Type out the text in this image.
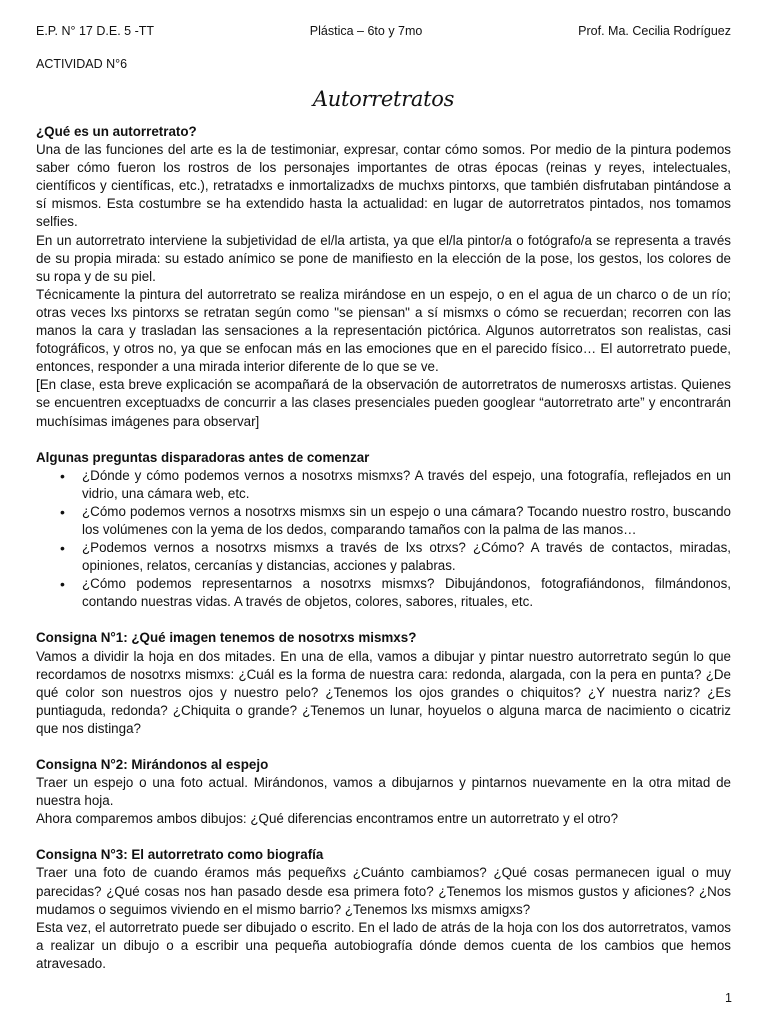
E.P. N° 17 D.E. 5 -TT	Plástica – 6to y 7mo	Prof. Ma. Cecilia Rodríguez
ACTIVIDAD N°6
Autorretratos

¿Qué es un autorretrato?

Una de las funciones del arte es la de testimoniar, expresar, contar cómo somos. Por medio de la pintura podemos saber cómo fueron los rostros de los personajes importantes de otras épocas (reinas y reyes, intelectuales, científicos y científicas, etc.), retratadxs e inmortalizadxs de muchxs pintorxs, que también disfrutaban pintándose a sí mismos. Esta costumbre se ha extendido hasta la actualidad: en lugar de autorretratos pintados, nos tomamos selfies.

En un autorretrato interviene la subjetividad de el/la artista, ya que el/la pintor/a o fotógrafo/a se representa a través de su propia mirada: su estado anímico se pone de manifiesto en la elección de la pose, los gestos, los colores de su ropa y de su piel.

Técnicamente la pintura del autorretrato se realiza mirándose en un espejo, o en el agua de un charco o de un río; otras veces lxs pintorxs se retratan según como "se piensan" a sí mismxs o cómo se recuerdan; recorren con las manos la cara y trasladan las sensaciones a la representación pictórica. Algunos autorretratos son realistas, casi fotográficos, y otros no, ya que se enfocan más en las emociones que en el parecido físico… El autorretrato puede, entonces, responder a una mirada interior diferente de lo que se ve.

[En clase, esta breve explicación se acompañará de la observación de autorretratos de numerosxs artistas. Quienes se encuentren exceptuadxs de concurrir a las clases presenciales pueden googlear “autorretrato arte” y encontrarán muchísimas imágenes para observar]

Algunas preguntas disparadoras antes de comenzar

• ¿Dónde y cómo podemos vernos a nosotrxs mismxs? A través del espejo, una fotografía, reflejados en un vidrio, una cámara web, etc.
• ¿Cómo podemos vernos a nosotrxs mismxs sin un espejo o una cámara? Tocando nuestro rostro, buscando los volúmenes con la yema de los dedos, comparando tamaños con la palma de las manos…
• ¿Podemos vernos a nosotrxs mismxs a través de lxs otrxs? ¿Cómo? A través de contactos, miradas, opiniones, relatos, cercanías y distancias, acciones y palabras.
• ¿Cómo podemos representarnos a nosotrxs mismxs? Dibujándonos, fotografiándonos, filmándonos, contando nuestras vidas. A través de objetos, colores, sabores, rituales, etc.

Consigna N°1: ¿Qué imagen tenemos de nosotrxs mismxs?

Vamos a dividir la hoja en dos mitades. En una de ella, vamos a dibujar y pintar nuestro autorretrato según lo que recordamos de nosotrxs mismxs: ¿Cuál es la forma de nuestra cara: redonda, alargada, con la pera en punta? ¿De qué color son nuestros ojos y nuestro pelo? ¿Tenemos los ojos grandes o chiquitos? ¿Y nuestra nariz? ¿Es puntiaguda, redonda? ¿Chiquita o grande? ¿Tenemos un lunar, hoyuelos o alguna marca de nacimiento o cicatriz que nos distinga?

Consigna N°2: Mirándonos al espejo

Traer un espejo o una foto actual. Mirándonos, vamos a dibujarnos y pintarnos nuevamente en la otra mitad de nuestra hoja.

Ahora comparemos ambos dibujos: ¿Qué diferencias encontramos entre un autorretrato y el otro?

Consigna N°3: El autorretrato como biografía

Traer una foto de cuando éramos más pequeñxs ¿Cuánto cambiamos? ¿Qué cosas permanecen igual o muy parecidas? ¿Qué cosas nos han pasado desde esa primera foto? ¿Tenemos los mismos gustos y aficiones? ¿Nos mudamos o seguimos viviendo en el mismo barrio? ¿Tenemos lxs mismxs amigxs?

Esta vez, el autorretrato puede ser dibujado o escrito. En el lado de atrás de la hoja con los dos autorretratos, vamos a realizar un dibujo o a escribir una pequeña autobiografía dónde demos cuenta de los cambios que hemos atravesado.

1
